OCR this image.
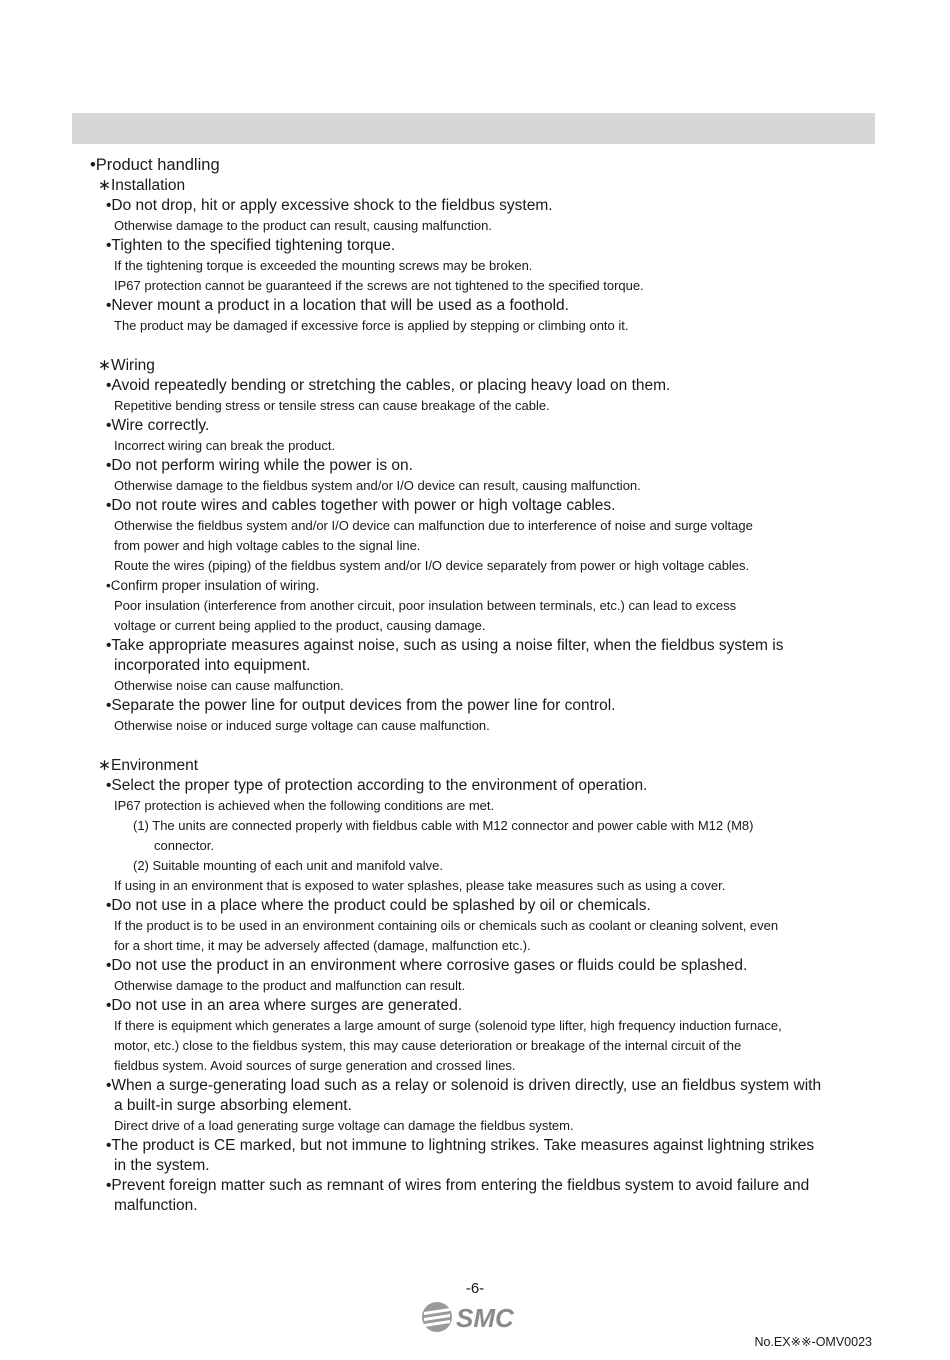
•Product handling
∗Installation
•Do not drop, hit or apply excessive shock to the fieldbus system.
Otherwise damage to the product can result, causing malfunction.
•Tighten to the specified tightening torque.
If the tightening torque is exceeded the mounting screws may be broken.
IP67 protection cannot be guaranteed if the screws are not tightened to the specified torque.
•Never mount a product in a location that will be used as a foothold.
The product may be damaged if excessive force is applied by stepping or climbing onto it.
∗Wiring
•Avoid repeatedly bending or stretching the cables, or placing heavy load on them.
Repetitive bending stress or tensile stress can cause breakage of the cable.
•Wire correctly.
Incorrect wiring can break the product.
•Do not perform wiring while the power is on.
Otherwise damage to the fieldbus system and/or I/O device can result, causing malfunction.
•Do not route wires and cables together with power or high voltage cables.
Otherwise the fieldbus system and/or I/O device can malfunction due to interference of noise and surge voltage
from power and high voltage cables to the signal line.
Route the wires (piping) of the fieldbus system and/or I/O device separately from power or high voltage cables.
•Confirm proper insulation of wiring.
Poor insulation (interference from another circuit, poor insulation between terminals, etc.) can lead to excess
voltage or current being applied to the product, causing damage.
•Take appropriate measures against noise, such as using a noise filter, when the fieldbus system is
incorporated into equipment.
Otherwise noise can cause malfunction.
•Separate the power line for output devices from the power line for control.
Otherwise noise or induced surge voltage can cause malfunction.
∗Environment
•Select the proper type of protection according to the environment of operation.
IP67 protection is achieved when the following conditions are met.
(1) The units are connected properly with fieldbus cable with M12 connector and power cable with M12 (M8)
connector.
(2) Suitable mounting of each unit and manifold valve.
If using in an environment that is exposed to water splashes, please take measures such as using a cover.
•Do not use in a place where the product could be splashed by oil or chemicals.
If the product is to be used in an environment containing oils or chemicals such as coolant or cleaning solvent, even
for a short time, it may be adversely affected (damage, malfunction etc.).
•Do not use the product in an environment where corrosive gases or fluids could be splashed.
Otherwise damage to the product and malfunction can result.
•Do not use in an area where surges are generated.
If there is equipment which generates a large amount of surge (solenoid type lifter, high frequency induction furnace,
motor, etc.) close to the fieldbus system, this may cause deterioration or breakage of the internal circuit of the
fieldbus system. Avoid sources of surge generation and crossed lines.
•When a surge-generating load such as a relay or solenoid is driven directly, use an fieldbus system with
a built-in surge absorbing element.
Direct drive of a load generating surge voltage can damage the fieldbus system.
•The product is CE marked, but not immune to lightning strikes. Take measures against lightning strikes
in the system.
•Prevent foreign matter such as remnant of wires from entering the fieldbus system to avoid failure and
malfunction.
-6-
SMC
No.EX※※-OMV0023
